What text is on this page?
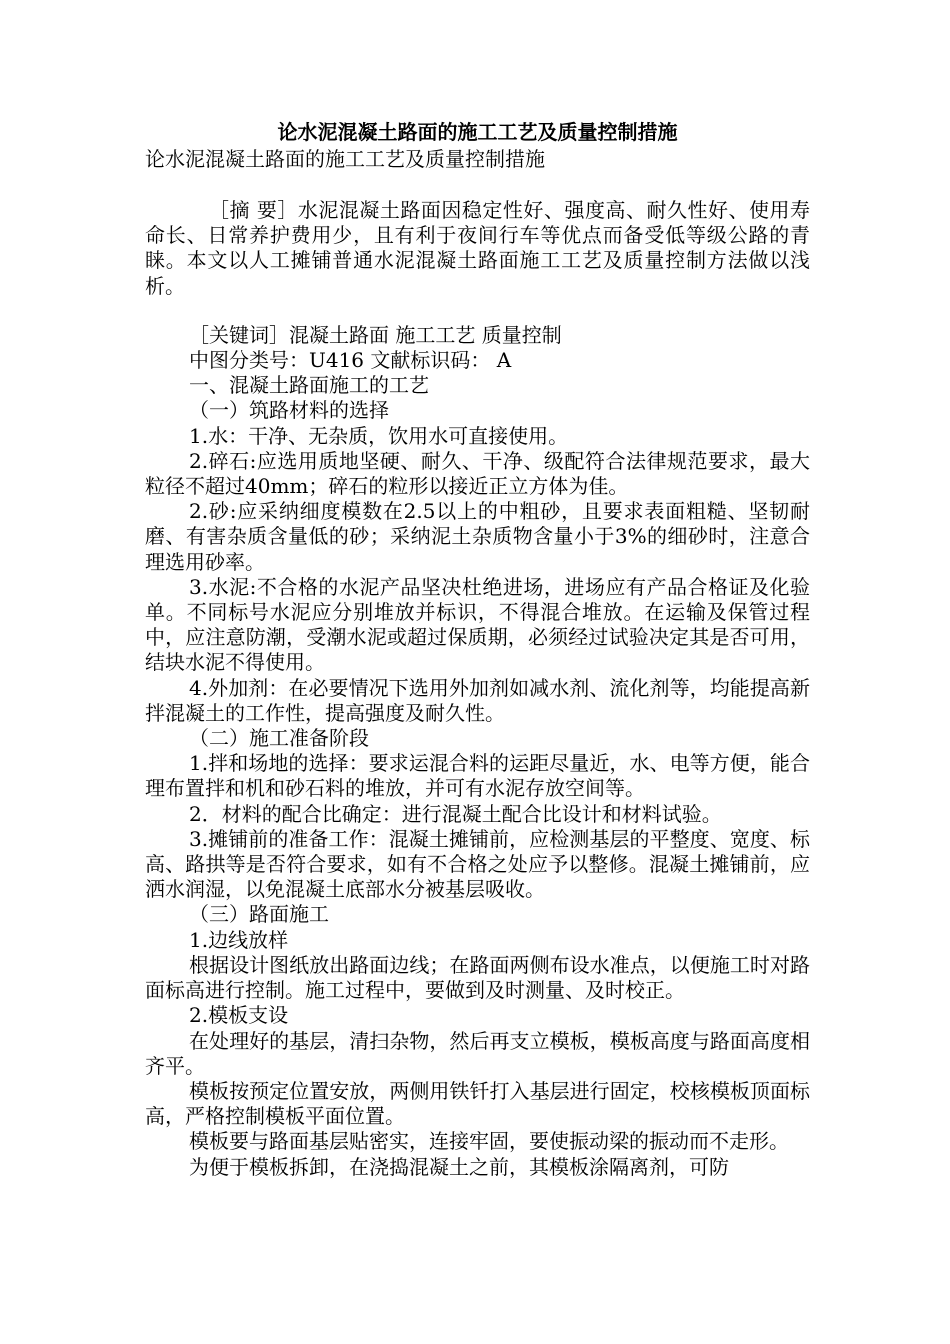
论水泥混凝土路面的施工工艺及质量控制措施

论水泥混凝土路面的施工工艺及质量控制措施

［摘 要］水泥混凝土路面因稳定性好、强度高、耐久性好、使用寿命长、日常养护费用少，且有利于夜间行车等优点而备受低等级公路的青睐。本文以人工摊铺普通水泥混凝土路面施工工艺及质量控制方法做以浅析。

［关键词］混凝土路面 施工工艺 质量控制

中图分类号：U416 文献标识码： A

一、混凝土路面施工的工艺

（一）筑路材料的选择

1.水：干净、无杂质，饮用水可直接使用。

2.碎石:应选用质地坚硬、耐久、干净、级配符合法律规范要求，最大粒径不超过40mm；碎石的粒形以接近正立方体为佳。

2.砂:应采纳细度模数在2.5以上的中粗砂，且要求表面粗糙、坚韧耐磨、有害杂质含量低的砂；采纳泥土杂质物含量小于3%的细砂时，注意合理选用砂率。

3.水泥:不合格的水泥产品坚决杜绝进场，进场应有产品合格证及化验单。不同标号水泥应分别堆放并标识，不得混合堆放。在运输及保管过程中，应注意防潮，受潮水泥或超过保质期，必须经过试验决定其是否可用，结块水泥不得使用。

4.外加剂：在必要情况下选用外加剂如减水剂、流化剂等，均能提高新拌混凝土的工作性，提高强度及耐久性。

（二）施工准备阶段

1.拌和场地的选择：要求运混合料的运距尽量近，水、电等方便，能合理布置拌和机和砂石料的堆放，并可有水泥存放空间等。

2．材料的配合比确定：进行混凝土配合比设计和材料试验。

3.摊铺前的准备工作：混凝土摊铺前，应检测基层的平整度、宽度、标高、路拱等是否符合要求，如有不合格之处应予以整修。混凝土摊铺前，应洒水润湿，以免混凝土底部水分被基层吸收。

（三）路面施工

1.边线放样

根据设计图纸放出路面边线；在路面两侧布设水准点，以便施工时对路面标高进行控制。施工过程中，要做到及时测量、及时校正。

2.模板支设

在处理好的基层，清扫杂物，然后再支立模板，模板高度与路面高度相齐平。

模板按预定位置安放，两侧用铁钎打入基层进行固定，校核模板顶面标高，严格控制模板平面位置。

模板要与路面基层贴密实，连接牢固，要使振动梁的振动而不走形。

为便于模板拆卸，在浇捣混凝土之前，其模板涂隔离剂，可防
